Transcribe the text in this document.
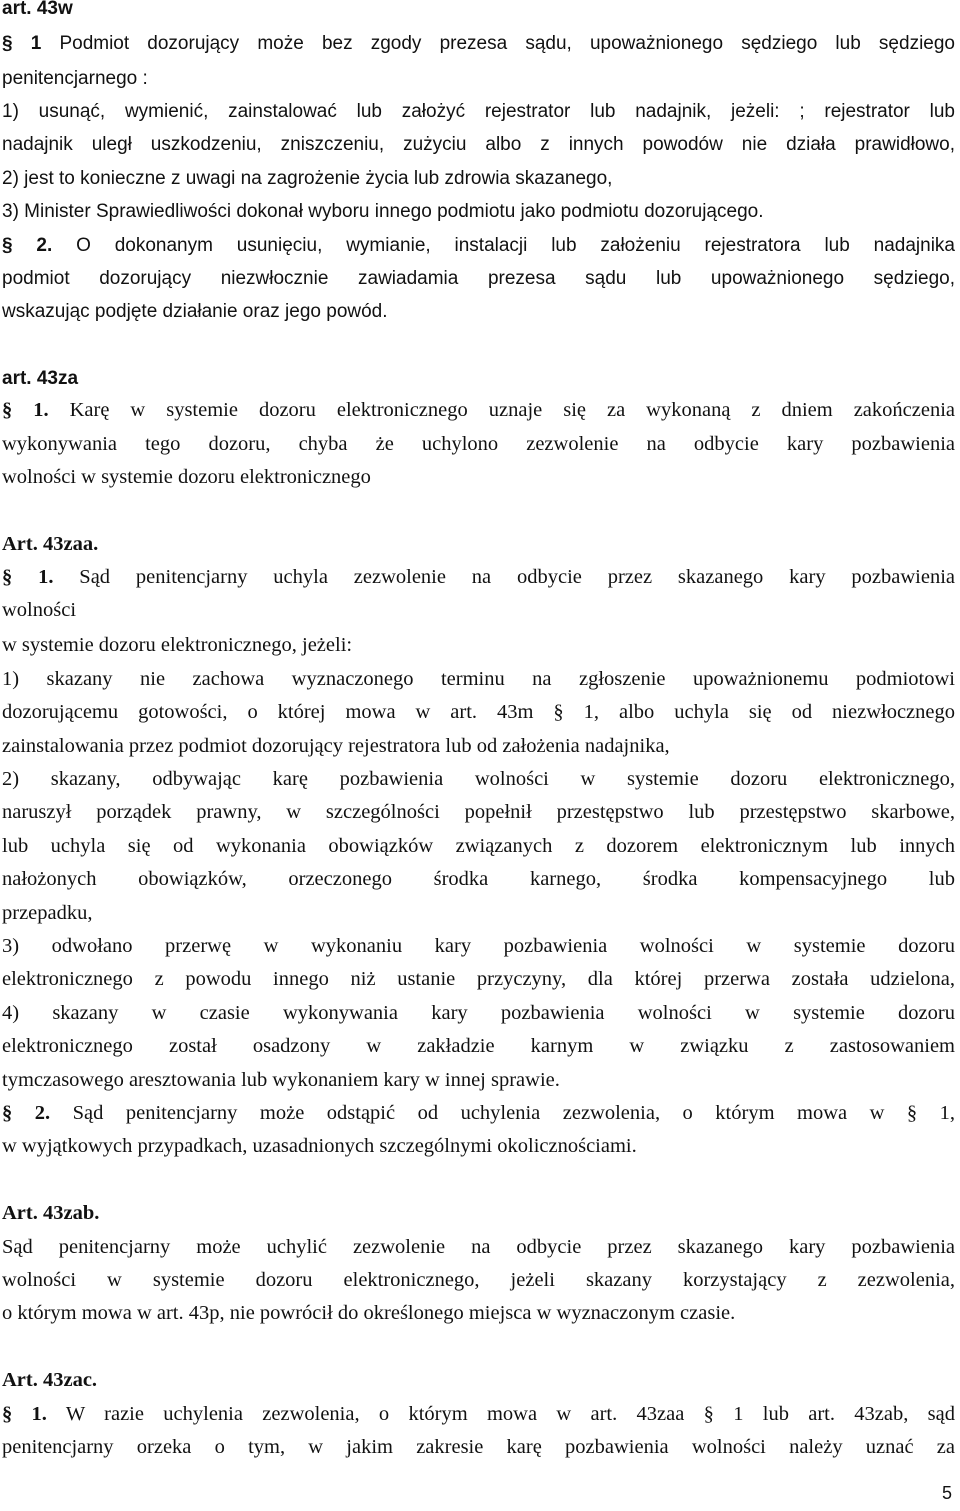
art. 43w
§ 1 Podmiot dozorujący może bez zgody prezesa sądu, upoważnionego sędziego lub sędziego
penitencjarnego :
1) usunąć, wymienić, zainstalować lub założyć rejestrator lub nadajnik, jeżeli: ; rejestrator lub
nadajnik uległ uszkodzeniu, zniszczeniu, zużyciu albo z innych powodów nie działa prawidłowo,
2) jest to konieczne z uwagi na zagrożenie życia lub zdrowia skazanego,
3) Minister Sprawiedliwości dokonał wyboru innego podmiotu jako podmiotu dozorującego.
§ 2. O dokonanym usunięciu, wymianie, instalacji lub założeniu rejestratora lub nadajnika
podmiot dozorujący niezwłocznie zawiadamia prezesa sądu lub upoważnionego sędziego,
wskazując podjęte działanie oraz jego powód.
art. 43za
§ 1. Karę w systemie dozoru elektronicznego uznaje się za wykonaną z dniem zakończenia
wykonywania tego dozoru, chyba że uchylono zezwolenie na odbycie kary pozbawienia
wolności w systemie dozoru elektronicznego
Art. 43zaa.
§ 1. Sąd penitencjarny uchyla zezwolenie na odbycie przez skazanego kary pozbawienia
wolności
w systemie dozoru elektronicznego, jeżeli:
1) skazany nie zachowa wyznaczonego terminu na zgłoszenie upoważnionemu podmiotowi
dozorującemu gotowości, o której mowa w art. 43m § 1, albo uchyla się od niezwłocznego
zainstalowania przez podmiot dozorujący rejestratora lub od założenia nadajnika,
2) skazany, odbywając karę pozbawienia wolności w systemie dozoru elektronicznego,
naruszył porządek prawny, w szczególności popełnił przestępstwo lub przestępstwo skarbowe,
lub uchyla się od wykonania obowiązków związanych z dozorem elektronicznym lub innych
nałożonych obowiązków, orzeczonego środka karnego, środka kompensacyjnego lub
przepadku,
3) odwołano przerwę w wykonaniu kary pozbawienia wolności w systemie dozoru
elektronicznego z powodu innego niż ustanie przyczyny, dla której przerwa została udzielona,
4) skazany w czasie wykonywania kary pozbawienia wolności w systemie dozoru
elektronicznego został osadzony w zakładzie karnym w związku z zastosowaniem
tymczasowego aresztowania lub wykonaniem kary w innej sprawie.
§ 2. Sąd penitencjarny może odstąpić od uchylenia zezwolenia, o którym mowa w § 1,
w wyjątkowych przypadkach, uzasadnionych szczególnymi okolicznościami.
Art. 43zab.
Sąd penitencjarny może uchylić zezwolenie na odbycie przez skazanego kary pozbawienia
wolności w systemie dozoru elektronicznego, jeżeli skazany korzystający z zezwolenia,
o którym mowa w art. 43p, nie powrócił do określonego miejsca w wyznaczonym czasie.
Art. 43zac.
§ 1. W razie uchylenia zezwolenia, o którym mowa w art. 43zaa § 1 lub art. 43zab, sąd
penitencjarny orzeka o tym, w jakim zakresie karę pozbawienia wolności należy uznać za
5
